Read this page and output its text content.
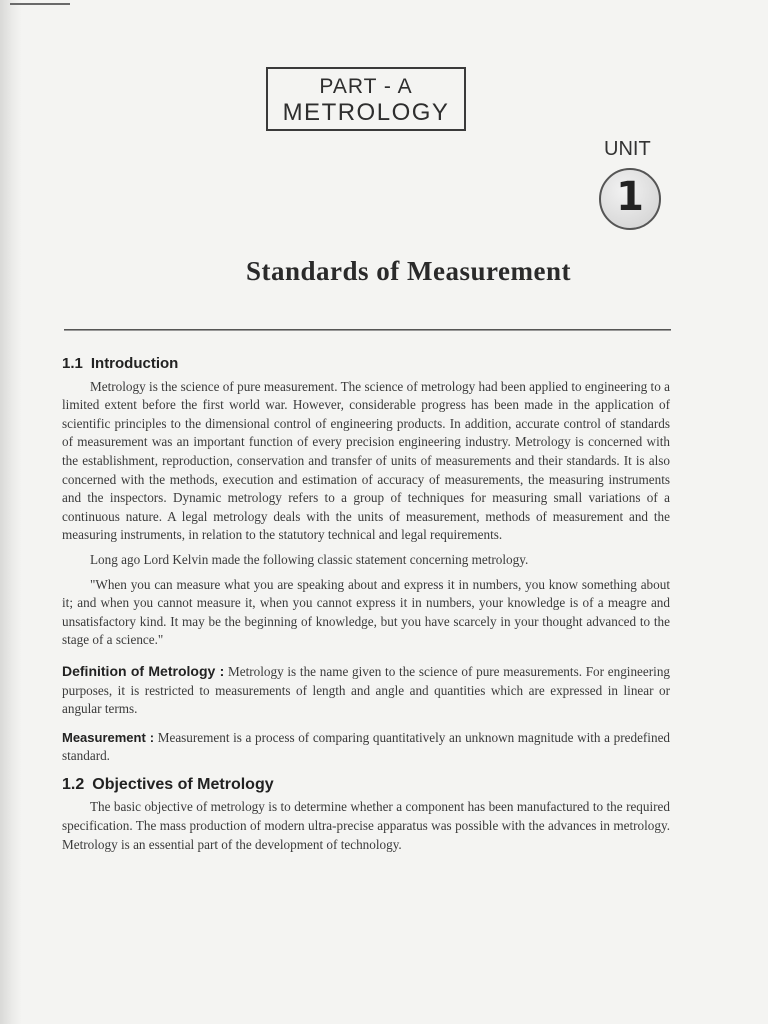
PART - A
METROLOGY
UNIT
1
Standards of Measurement
1.1 Introduction

Metrology is the science of pure measurement. The science of metrology had been applied to engineering to a limited extent before the first world war. However, considerable progress has been made in the application of scientific principles to the dimensional control of engineering products. In addition, accurate control of standards of measurement was an important function of every precision engineering industry. Metrology is concerned with the establishment, reproduction, conservation and transfer of units of measurements and their standards. It is also concerned with the methods, execution and estimation of accuracy of measurements, the measuring instruments and the inspectors. Dynamic metrology refers to a group of techniques for measuring small variations of a continuous nature. A legal metrology deals with the units of measurement, methods of measurement and the measuring instruments, in relation to the statutory technical and legal requirements.

Long ago Lord Kelvin made the following classic statement concerning metrology.

"When you can measure what you are speaking about and express it in numbers, you know something about it; and when you cannot measure it, when you cannot express it in numbers, your knowledge is of a meagre and unsatisfactory kind. It may be the beginning of knowledge, but you have scarcely in your thought advanced to the stage of a science."

Definition of Metrology : Metrology is the name given to the science of pure measurements. For engineering purposes, it is restricted to measurements of length and angle and quantities which are expressed in linear or angular terms.

Measurement : Measurement is a process of comparing quantitatively an unknown magnitude with a predefined standard.

1.2 Objectives of Metrology

The basic objective of metrology is to determine whether a component has been manufactured to the required specification. The mass production of modern ultra-precise apparatus was possible with the advances in metrology. Metrology is an essential part of the development of technology.
